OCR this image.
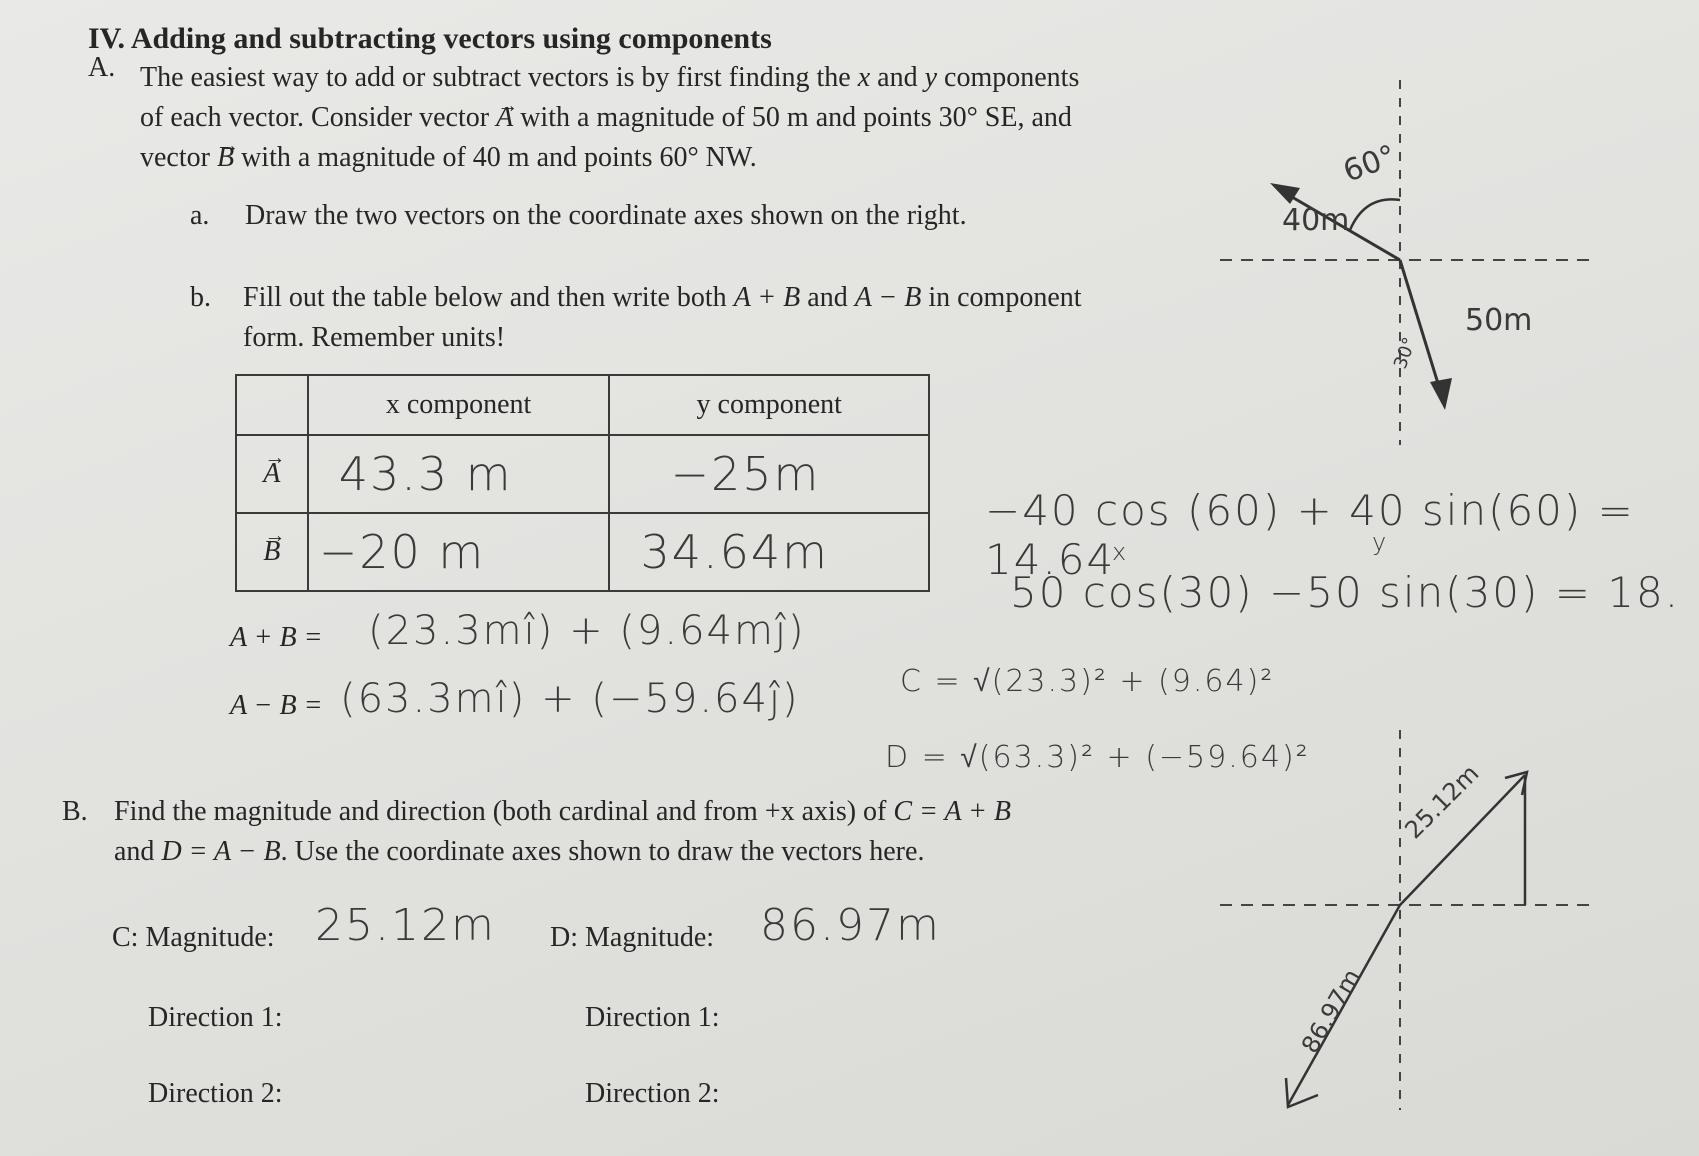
IV. Adding and subtracting vectors using components
A. The easiest way to add or subtract vectors is by first finding the x and y components
of each vector. Consider vector → A with a magnitude of 50 m and points 30° SE, and
vector → B with a magnitude of 40 m and points 60° NW.
a. Draw the two vectors on the coordinate axes shown on the right.
b. Fill out the table below and then write both A + B and A − B in component
form. Remember units!
	x component	y component
→ A	43.3 m	−25m
→ B	−20 m	34.64m
A + B = (23.3mî) + (9.64mĵ)
A − B = (63.3mî) + (−59.64ĵ)
−40 cos (60) + 40 sin(60) = 14.64
x	y
50 cos(30) −50 sin(30) = 18.
C = √(23.3)² + (9.64)²
D = √(63.3)² + (−59.64)²
B. Find the magnitude and direction (both cardinal and from +x axis) of C = A + B
and D = A − B. Use the coordinate axes shown to draw the vectors here.
C: Magnitude: 25.12m D: Magnitude: 86.97m
Direction 1:	Direction 1:
Direction 2:	Direction 2:
40m
60°
50m
30°
25.12m
86.97m
